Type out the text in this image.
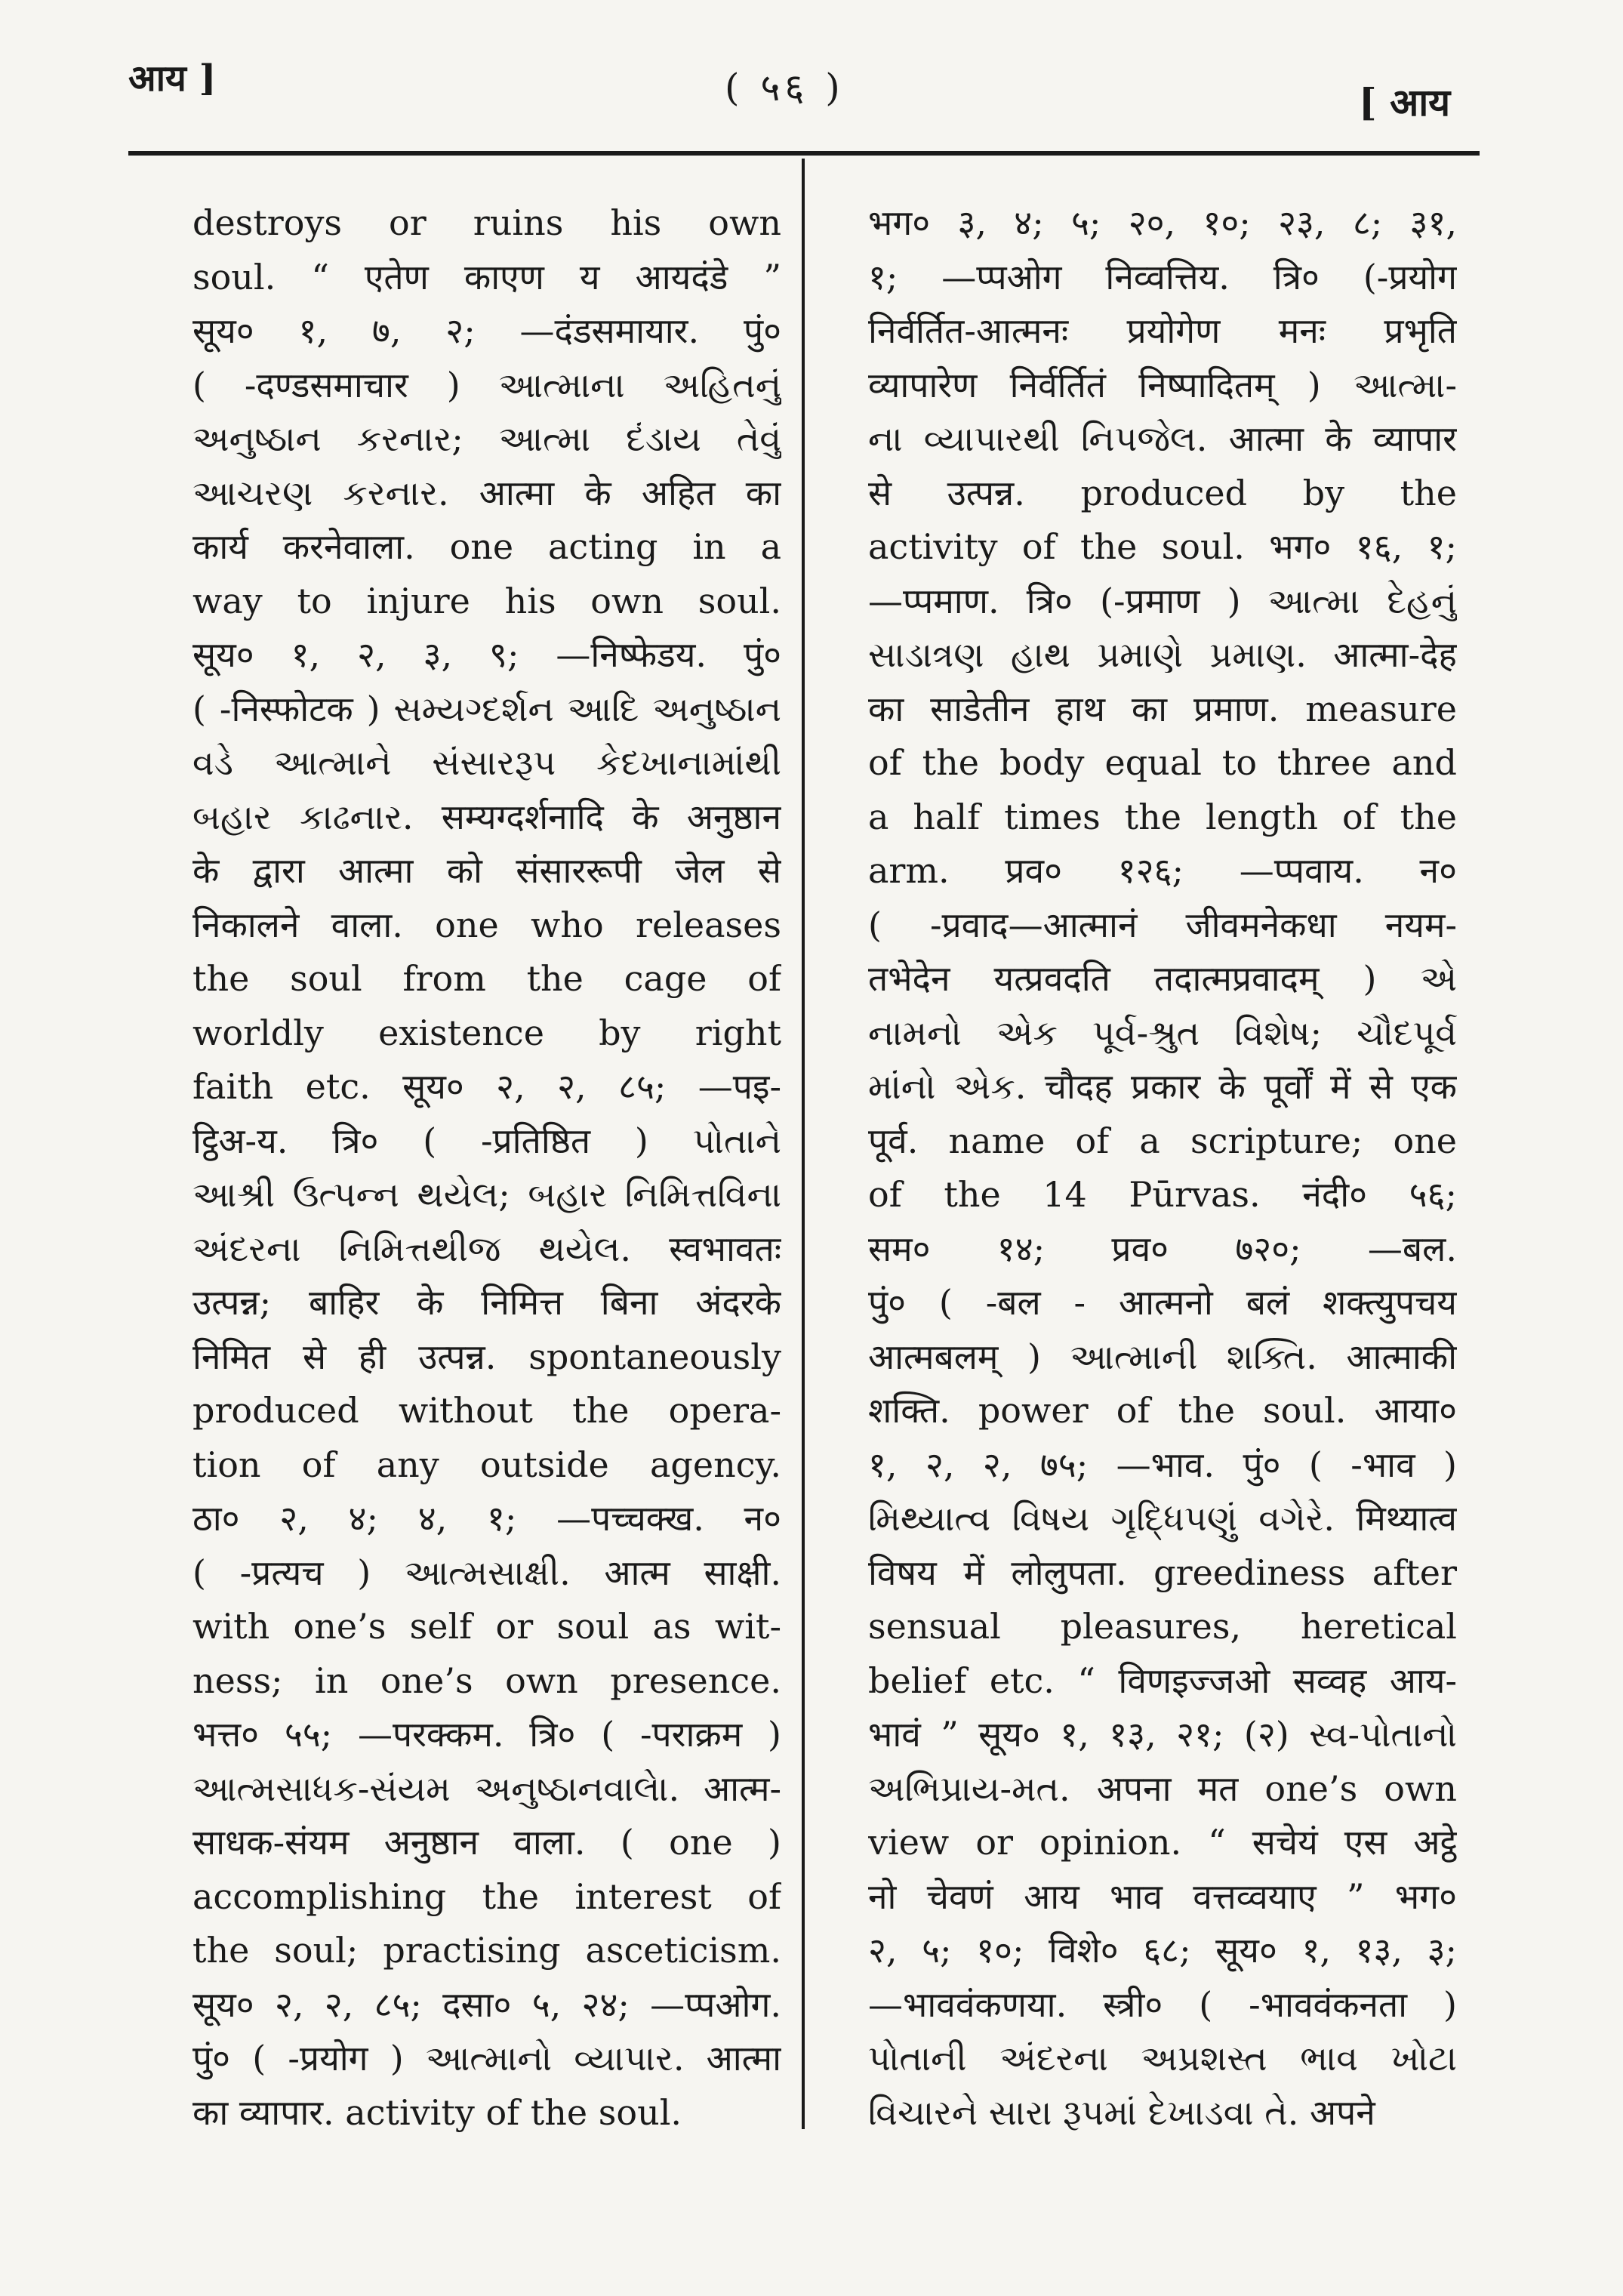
आय ]	( ५६ )	[ आय
destroys or ruins his own
soul. “ एतेण काएण य आयदंडे ”
सूय० १, ७, २; —दंडसमायार. पुं०
( -दण्डसमाचार ) આત્માના અહિતનું
અનુષ્ઠાન કરનાર; આત્મા દંડાય તેવું
આચરણ કરનાર. आत्मा के अहित का
कार्य करनेवाला. one acting in a
way to injure his own soul.
सूय० १, २, ३, ९; —निष्फेडय. पुं०
( -निस्फोटक ) સમ્યગ્દર્શન આદિ અનુષ્ઠાન
વડે આત્માને સંસારરૂપ કેદખાનામાંથી
બહાર કાઢનાર. सम्यग्दर्शनादि के अनुष्ठान
के द्वारा आत्मा को संसाररूपी जेल से
निकालने वाला. one who releases
the soul from the cage of
worldly existence by right
faith etc. सूय० २, २, ८५; —पइ-
ट्ठिअ-य. त्रि० ( -प्रतिष्ठित ) પોતાને
આશ્રી ઉત્પન્ન થયેલ; બહાર નિમિત્તવિના
અંદરના નિમિત્તથીજ થયેલ. स्वभावतः
उत्पन्न; बाहिर के निमित्त बिना अंदरके
निमित से ही उत्पन्न. spontaneously
produced without the opera-
tion of any outside agency.
ठा० २, ४; ४, १; —पच्चक्ख. न०
( -प्रत्यच ) આત્મસાક્ષી. आत्म साक्षी.
with one’s self or soul as wit-
ness; in one’s own presence.
भत्त० ५५; —परक्कम. त्रि० ( -पराक्रम )
આત્મસાધક-સંયમ અનુષ્ઠાનવાલેા. आत्म-
साधक-संयम अनुष्ठान वाला. ( one )
accomplishing the interest of
the soul; practising asceticism.
सूय० २, २, ८५; दसा० ५, २४; —प्पओग.
पुं० ( -प्रयोग ) આત્માનો વ્યાપાર. आत्मा
का व्यापार. activity of the soul.
भग० ३, ४; ५; २०, १०; २३, ८; ३१,
१; —प्पओग निव्वत्तिय. त्रि० (-प्रयोग
निर्वर्तित-आत्मनः प्रयोगेण मनः प्रभृति
व्यापारेण निर्वर्तितं निष्पादितम् ) આત્મા-
ના વ્યાપારથી નિપજેલ. आत्मा के व्यापार
से उत्पन्न. produced by the
activity of the soul. भग० १६, १;
—प्पमाण. त्रि० (-प्रमाण ) આત્મા દેહનું
સાડાત્રણ હાથ પ્રમાણે પ્રમાણ. आत्मा-देह
का साडेतीन हाथ का प्रमाण. measure
of the body equal to three and
a half times the length of the
arm. प्रव० १२६; —प्पवाय. न०
( -प्रवाद—आत्मानं जीवमनेकधा नयम-
तभेदेन यत्प्रवदति तदात्मप्रवादम् ) એ
નામનો એક પૂર્વ-શ્રુત વિશેષ; ચૌદપૂર્વ
માંનો એક. चौदह प्रकार के पूर्वों में से एक
पूर्व. name of a scripture; one
of the 14 Pūrvas. नंदी० ५६;
सम० १४; प्रव० ७२०; —बल.
पुं० ( -बल - आत्मनो बलं शक्त्युपचय
आत्मबलम् ) આત્માની શક્તિ. आत्माकी
शक्ति. power of the soul. आया०
१, २, २, ७५; —भाव. पुं० ( -भाव )
મિથ્યાત્વ વિષય ગૃદ્ધિપણું વગેરે. मिथ्यात्व
विषय में लोलुपता. greediness after
sensual pleasures, heretical
belief etc. “ विणइज्जओ सव्वह आय-
भावं ” सूय० १, १३, २१; (२) સ્વ-પોતાનો
અભિપ્રાય-મત. अपना मत one’s own
view or opinion. “ सचेयं एस अट्ठे
नो चेवणं आय भाव वत्तव्वयाए ” भग०
२, ५; १०; विशे० ६८; सूय० १, १३, ३;
—भाववंकणया. स्त्री० ( -भाववंकनता )
પોતાની અંદરના અપ્રશસ્ત ભાવ ખોટા
વિચારને સારા રૂપમાં દેખાડવા તે. अपने
